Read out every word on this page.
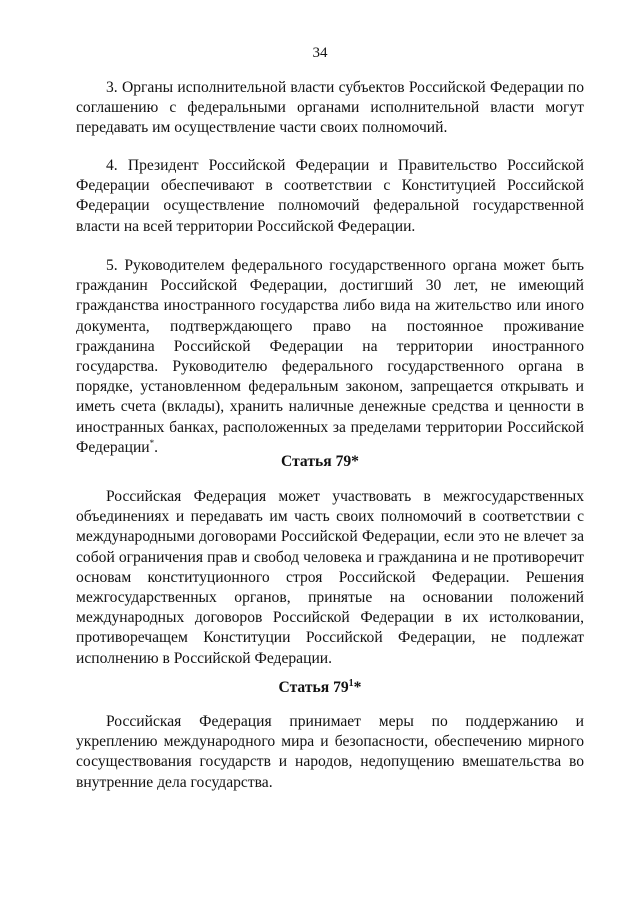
34

3. Органы исполнительной власти субъектов Российской Федерации по соглашению с федеральными органами исполнительной власти могут передавать им осуществление части своих полномочий.

4. Президент Российской Федерации и Правительство Российской Федерации обеспечивают в соответствии с Конституцией Российской Федерации осуществление полномочий федеральной государственной власти на всей территории Российской Федерации.

5. Руководителем федерального государственного органа может быть гражданин Российской Федерации, достигший 30 лет, не имеющий гражданства иностранного государства либо вида на жительство или иного документа, подтверждающего право на постоянное проживание гражданина Российской Федерации на территории иностранного государства. Руководителю федерального государственного органа в порядке, установленном федеральным законом, запрещается открывать и иметь счета (вклады), хранить наличные денежные средства и ценности в иностранных банках, расположенных за пределами территории Российской Федерации*.

Статья 79*

Российская Федерация может участвовать в межгосударственных объединениях и передавать им часть своих полномочий в соответствии с международными договорами Российской Федерации, если это не влечет за собой ограничения прав и свобод человека и гражданина и не противоречит основам конституционного строя Российской Федерации. Решения межгосударственных органов, принятые на основании положений международных договоров Российской Федерации в их истолковании, противоречащем Конституции Российской Федерации, не подлежат исполнению в Российской Федерации.

Статья $79^1*$

Российская Федерация принимает меры по поддержанию и укреплению международного мира и безопасности, обеспечению мирного сосуществования государств и народов, недопущению вмешательства во внутренние дела государства.
